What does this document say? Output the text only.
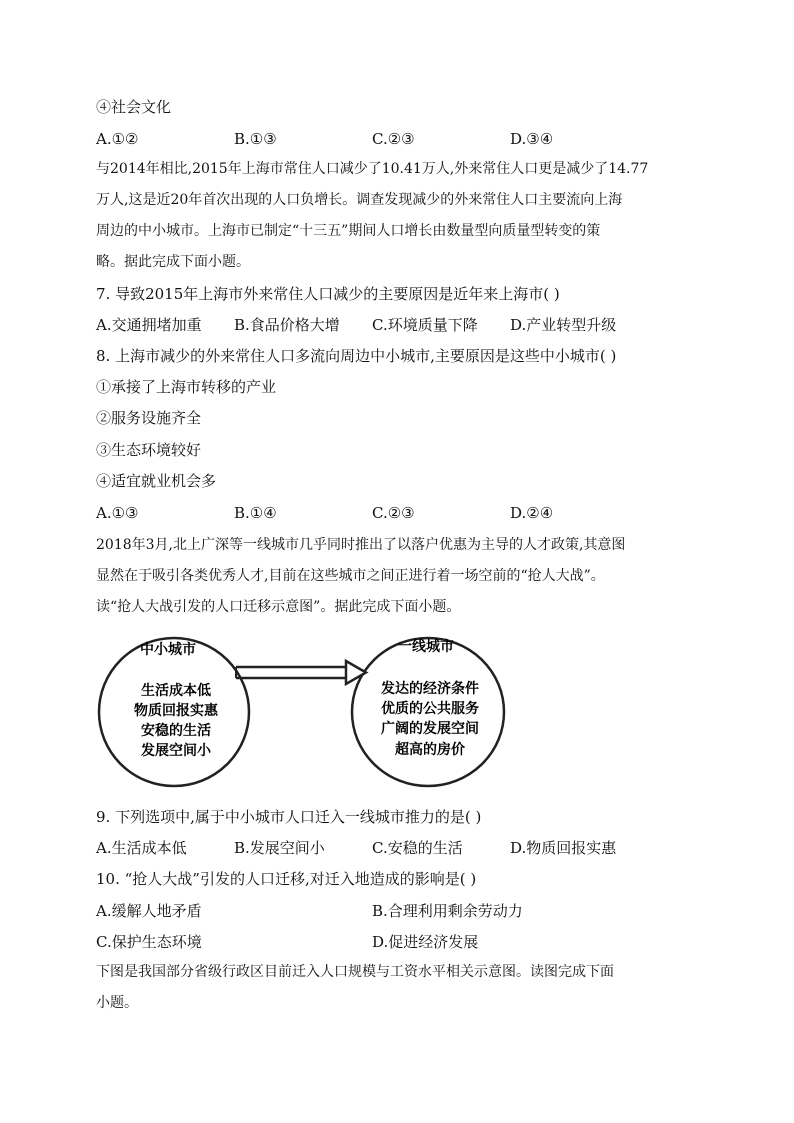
④社会文化
A.①②	B.①③	C.②③	D.③④
与2014年相比,2015年上海市常住人口减少了10.41万人,外来常住人口更是减少了14.77
万人,这是近20年首次出现的人口负增长。调查发现减少的外来常住人口主要流向上海
周边的中小城市。上海市已制定“十三五”期间人口增长由数量型向质量型转变的策
略。据此完成下面小题。
7. 导致2015年上海市外来常住人口减少的主要原因是近年来上海市( )
A.交通拥堵加重 B.食品价格大增 C.环境质量下降 D.产业转型升级
8. 上海市减少的外来常住人口多流向周边中小城市,主要原因是这些中小城市( )
①承接了上海市转移的产业
②服务设施齐全
③生态环境较好
④适宜就业机会多
A.①③	B.①④	C.②③	D.②④
2018年3月,北上广深等一线城市几乎同时推出了以落户优惠为主导的人才政策,其意图
显然在于吸引各类优秀人才,目前在这些城市之间正进行着一场空前的“抢人大战”。
读“抢人大战引发的人口迁移示意图”。据此完成下面小题。
中小城市
生活成本低
物质回报实惠
安稳的生活
发展空间小
一线城市
发达的经济条件
优质的公共服务
广阔的发展空间
超高的房价
9. 下列选项中,属于中小城市人口迁入一线城市推力的是( )
A.生活成本低	B.发展空间小	C.安稳的生活	D.物质回报实惠
10. “抢人大战”引发的人口迁移,对迁入地造成的影响是( )
A.缓解人地矛盾	B.合理利用剩余劳动力
C.保护生态环境	D.促进经济发展
下图是我国部分省级行政区目前迁入人口规模与工资水平相关示意图。读图完成下面
小题。
